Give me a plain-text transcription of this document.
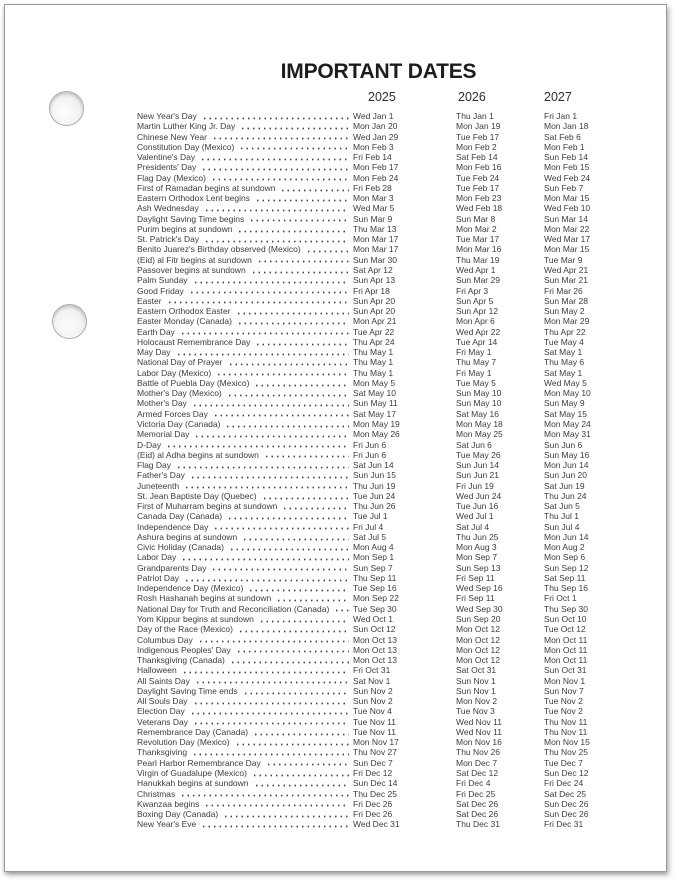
IMPORTANT DATES
2025	2026	2027
New Year's Day	Wed Jan 1	Thu Jan 1	Fri Jan 1
Martin Luther King Jr. Day	Mon Jan 20	Mon Jan 19	Mon Jan 18
Chinese New Year	Wed Jan 29	Tue Feb 17	Sat Feb 6
Constitution Day (Mexico)	Mon Feb 3	Mon Feb 2	Mon Feb 1
Valentine's Day	Fri Feb 14	Sat Feb 14	Sun Feb 14
Presidents' Day	Mon Feb 17	Mon Feb 16	Mon Feb 15
Flag Day (Mexico)	Mon Feb 24	Tue Feb 24	Wed Feb 24
First of Ramadan begins at sundown	Fri Feb 28	Tue Feb 17	Sun Feb 7
Eastern Orthodox Lent begins	Mon Mar 3	Mon Feb 23	Mon Mar 15
Ash Wednesday	Wed Mar 5	Wed Feb 18	Wed Feb 10
Daylight Saving Time begins	Sun Mar 9	Sun Mar 8	Sun Mar 14
Purim begins at sundown	Thu Mar 13	Mon Mar 2	Mon Mar 22
St. Patrick's Day	Mon Mar 17	Tue Mar 17	Wed Mar 17
Benito Juarez's Birthday observed (Mexico)	Mon Mar 17	Mon Mar 16	Mon Mar 15
(Eid) al Fitr begins at sundown	Sun Mar 30	Thu Mar 19	Tue Mar 9
Passover begins at sundown	Sat Apr 12	Wed Apr 1	Wed Apr 21
Palm Sunday	Sun Apr 13	Sun Mar 29	Sun Mar 21
Good Friday	Fri Apr 18	Fri Apr 3	Fri Mar 26
Easter	Sun Apr 20	Sun Apr 5	Sun Mar 28
Eastern Orthodox Easter	Sun Apr 20	Sun Apr 12	Sun May 2
Easter Monday (Canada)	Mon Apr 21	Mon Apr 6	Mon Mar 29
Earth Day	Tue Apr 22	Wed Apr 22	Thu Apr 22
Holocaust Remembrance Day	Thu Apr 24	Tue Apr 14	Tue May 4
May Day	Thu May 1	Fri May 1	Sat May 1
National Day of Prayer	Thu May 1	Thu May 7	Thu May 6
Labor Day (Mexico)	Thu May 1	Fri May 1	Sat May 1
Battle of Puebla Day (Mexico)	Mon May 5	Tue May 5	Wed May 5
Mother's Day (Mexico)	Sat May 10	Sun May 10	Mon May 10
Mother's Day	Sun May 11	Sun May 10	Sun May 9
Armed Forces Day	Sat May 17	Sat May 16	Sat May 15
Victoria Day (Canada)	Mon May 19	Mon May 18	Mon May 24
Memorial Day	Mon May 26	Mon May 25	Mon May 31
D-Day	Fri Jun 6	Sat Jun 6	Sun Jun 6
(Eid) al Adha begins at sundown	Fri Jun 6	Tue May 26	Sun May 16
Flag Day	Sat Jun 14	Sun Jun 14	Mon Jun 14
Father's Day	Sun Jun 15	Sun Jun 21	Sun Jun 20
Juneteenth	Thu Jun 19	Fri Jun 19	Sat Jun 19
St. Jean Baptiste Day (Quebec)	Tue Jun 24	Wed Jun 24	Thu Jun 24
First of Muharram begins at sundown	Thu Jun 26	Tue Jun 16	Sat Jun 5
Canada Day (Canada)	Tue Jul 1	Wed Jul 1	Thu Jul 1
Independence Day	Fri Jul 4	Sat Jul 4	Sun Jul 4
Ashura begins at sundown	Sat Jul 5	Thu Jun 25	Mon Jun 14
Civic Holiday (Canada)	Mon Aug 4	Mon Aug 3	Mon Aug 2
Labor Day	Mon Sep 1	Mon Sep 7	Mon Sep 6
Grandparents Day	Sun Sep 7	Sun Sep 13	Sun Sep 12
Patriot Day	Thu Sep 11	Fri Sep 11	Sat Sep 11
Independence Day (Mexico)	Tue Sep 16	Wed Sep 16	Thu Sep 16
Rosh Hashanah begins at sundown	Mon Sep 22	Fri Sep 11	Fri Oct 1
National Day for Truth and Reconciliation (Canada)	Tue Sep 30	Wed Sep 30	Thu Sep 30
Yom Kippur begins at sundown	Wed Oct 1	Sun Sep 20	Sun Oct 10
Day of the Race (Mexico)	Sun Oct 12	Mon Oct 12	Tue Oct 12
Columbus Day	Mon Oct 13	Mon Oct 12	Mon Oct 11
Indigenous Peoples' Day	Mon Oct 13	Mon Oct 12	Mon Oct 11
Thanksgiving (Canada)	Mon Oct 13	Mon Oct 12	Mon Oct 11
Halloween	Fri Oct 31	Sat Oct 31	Sun Oct 31
All Saints Day	Sat Nov 1	Sun Nov 1	Mon Nov 1
Daylight Saving Time ends	Sun Nov 2	Sun Nov 1	Sun Nov 7
All Souls Day	Sun Nov 2	Mon Nov 2	Tue Nov 2
Election Day	Tue Nov 4	Tue Nov 3	Tue Nov 2
Veterans Day	Tue Nov 11	Wed Nov 11	Thu Nov 11
Remembrance Day (Canada)	Tue Nov 11	Wed Nov 11	Thu Nov 11
Revolution Day (Mexico)	Mon Nov 17	Mon Nov 16	Mon Nov 15
Thanksgiving	Thu Nov 27	Thu Nov 26	Thu Nov 25
Pearl Harbor Remembrance Day	Sun Dec 7	Mon Dec 7	Tue Dec 7
Virgin of Guadalupe (Mexico)	Fri Dec 12	Sat Dec 12	Sun Dec 12
Hanukkah begins at sundown	Sun Dec 14	Fri Dec 4	Fri Dec 24
Christmas	Thu Dec 25	Fri Dec 25	Sat Dec 25
Kwanzaa begins	Fri Dec 26	Sat Dec 26	Sun Dec 26
Boxing Day (Canada)	Fri Dec 26	Sat Dec 26	Sun Dec 26
New Year's Eve	Wed Dec 31	Thu Dec 31	Fri Dec 31
